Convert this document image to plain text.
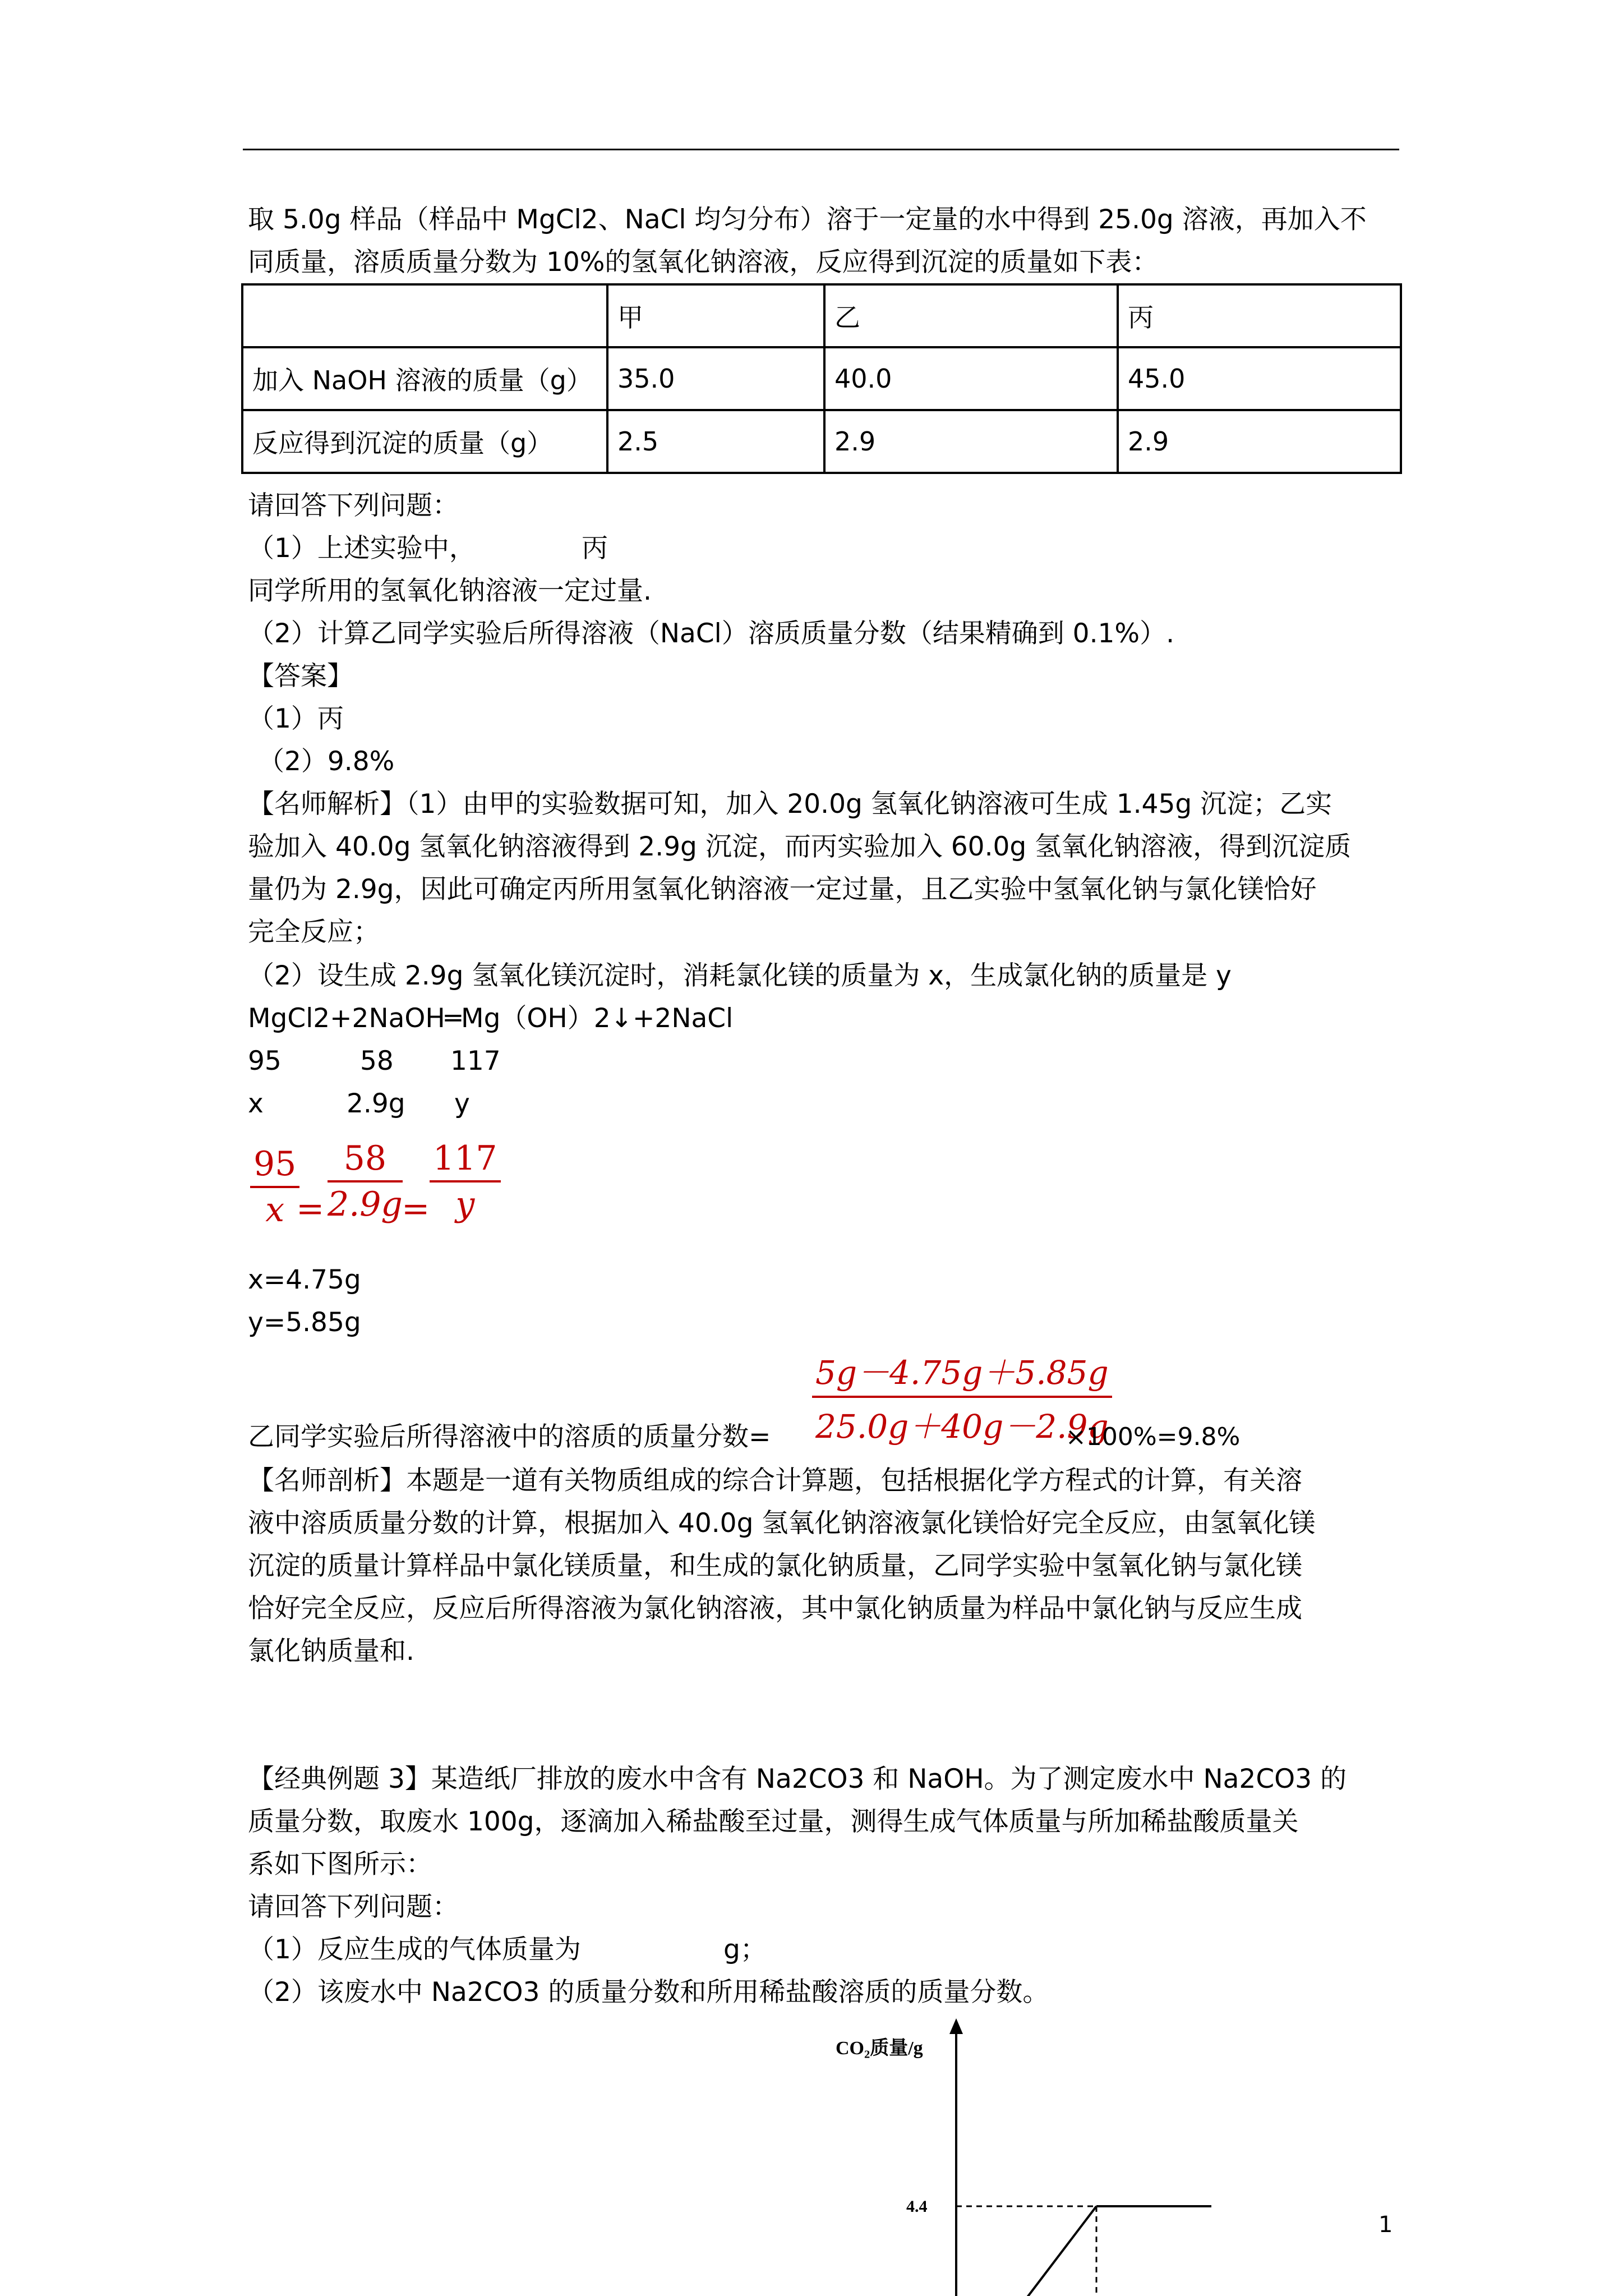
取 5.0g 样品（样品中 MgCl2、NaCl 均匀分布）溶于一定量的水中得到 25.0g 溶液，再加入不
同质量，溶质质量分数为 10%的氢氧化钠溶液，反应得到沉淀的质量如下表：
	甲	乙	丙
加入 NaOH 溶液的质量（g）	35.0	40.0	45.0
反应得到沉淀的质量（g）	2.5	2.9	2.9
请回答下列问题：
（1）上述实验中，	丙
同学所用的氢氧化钠溶液一定过量.
（2）计算乙同学实验后所得溶液（NaCl）溶质质量分数（结果精确到 0.1%）.
【答案】
（1）丙
（2）9.8%
【名师解析】（1）由甲的实验数据可知，加入 20.0g 氢氧化钠溶液可生成 1.45g 沉淀；乙实
验加入 40.0g 氢氧化钠溶液得到 2.9g 沉淀，而丙实验加入 60.0g 氢氧化钠溶液，得到沉淀质
量仍为 2.9g，因此可确定丙所用氢氧化钠溶液一定过量，且乙实验中氢氧化钠与氯化镁恰好
完全反应；
（2）设生成 2.9g 氢氧化镁沉淀时，消耗氯化镁的质量为 x，生成氯化钠的质量是 y
MgCl2+2NaOH═Mg（OH）2↓+2NaCl
95	58 117
x	2.9g y
$\frac{95}{x}$
= $\frac{58}{2.9g}$
= $\frac{117}{y}$
x=4.75g
y=5.85g
乙同学实验后所得溶液中的溶质的质量分数= $\frac{5g-4.75g+5.85g}{25.0g+40g-2.9g}$
×100%=9.8%
【名师剖析】本题是一道有关物质组成的综合计算题，包括根据化学方程式的计算，有关溶
液中溶质质量分数的计算，根据加入 40.0g 氢氧化钠溶液氯化镁恰好完全反应，由氢氧化镁
沉淀的质量计算样品中氯化镁质量，和生成的氯化钠质量，乙同学实验中氢氧化钠与氯化镁
恰好完全反应，反应后所得溶液为氯化钠溶液，其中氯化钠质量为样品中氯化钠与反应生成
氯化钠质量和.
【经典例题 3】某造纸厂排放的废水中含有 Na2CO3 和 NaOH。为了测定废水中 Na2CO3 的
质量分数，取废水 100g，逐滴加入稀盐酸至过量，测得生成气体质量与所加稀盐酸质量关
系如下图所示：
请回答下列问题：
（1）反应生成的气体质量为	g；
（2）该废水中 Na2CO3 的质量分数和所用稀盐酸溶质的质量分数。
CO₂质量/g
4.4
1
